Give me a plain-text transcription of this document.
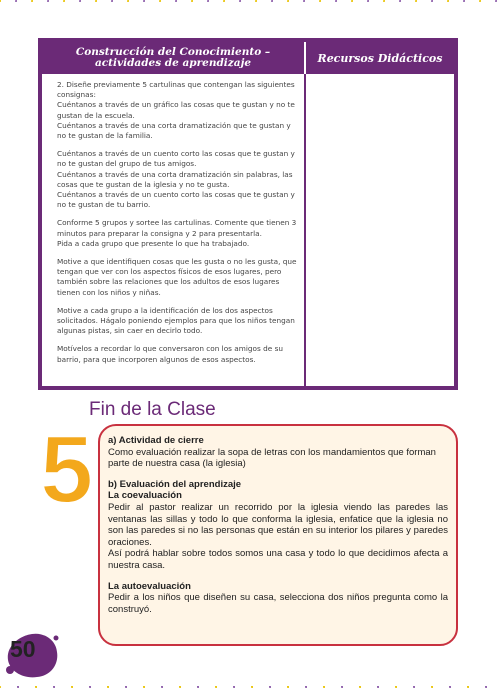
Construcción del Conocimiento –
actividades de aprendizaje	Recursos Didácticos

2. Diseñe previamente 5 cartulinas que contengan las siguientes consignas:
Cuéntanos a través de un gráfico las cosas que te gustan y no te gustan de la escuela.
Cuéntanos a través de una corta dramatización que te gustan y no te gustan de la familia.

Cuéntanos a través de un cuento corto las cosas que te gustan y no te gustan del grupo de tus amigos.
Cuéntanos a través de una corta dramatización sin palabras, las cosas que te gustan de la iglesia y no te gusta.
Cuéntanos a través de un cuento corto las cosas que te gustan y no te gustan de tu barrio.

Conforme 5 grupos y sortee las cartulinas. Comente que tienen 3 minutos para preparar la consigna y 2 para presentarla.
Pida a cada grupo que presente lo que ha trabajado.

Motive a que identifiquen cosas que les gusta o no les gusta, que tengan que ver con los aspectos físicos de esos lugares, pero también sobre las relaciones que los adultos de esos lugares tienen con los niños y niñas.

Motive a cada grupo a la identificación de los dos aspectos solicitados. Hágalo poniendo ejemplos para que los niños tengan algunas pistas, sin caer en decirlo todo.

Motívelos a recordar lo que conversaron con los amigos de su barrio, para que incorporen algunos de esos aspectos.

Fin de la Clase
5 a) Actividad de cierre
Como evaluación realizar la sopa de letras con los mandamientos que forman parte de nuestra casa (la iglesia)
b) Evaluación del aprendizaje
La coevaluación
Pedir al pastor realizar un recorrido por la iglesia viendo las paredes las ventanas las sillas y todo lo que conforma la iglesia, enfatice que la iglesia no son las paredes si no las personas que están en su interior los pilares y paredes oraciones.
Así podrá hablar sobre todos somos una casa y todo lo que decidimos afecta a nuestra casa.
La autoevaluación
Pedir a los niños que diseñen su casa, selecciona dos niños pregunta como la construyó.
50
